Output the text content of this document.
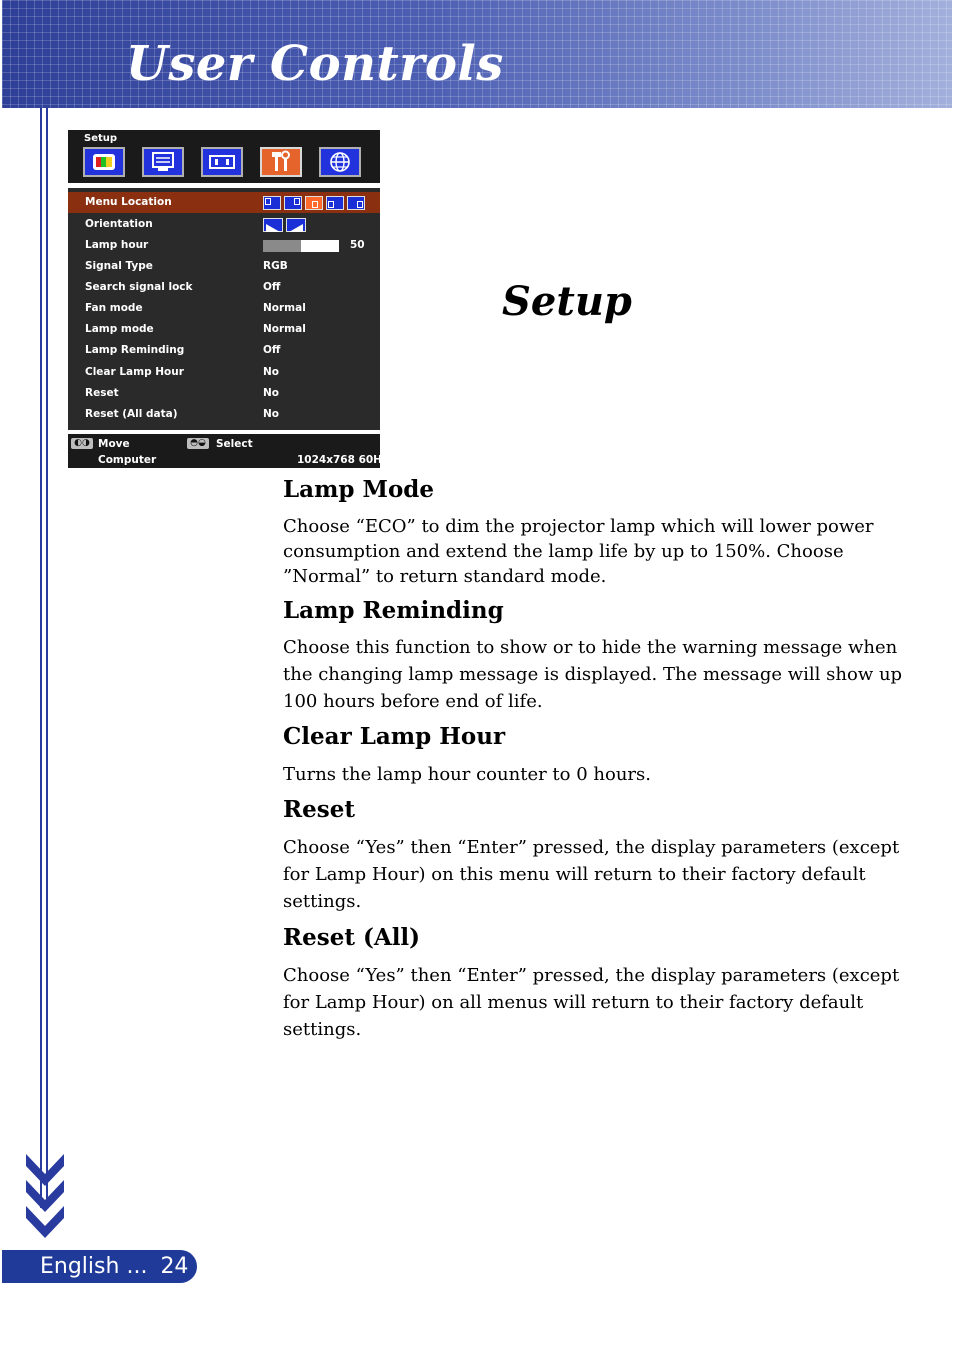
User Controls
Setup
Menu Location
Orientation
Lamp hour	50
Signal Type	RGB
Search signal lock	Off
Fan mode	Normal
Lamp mode	Normal
Lamp Reminding	Off
Clear Lamp Hour	No
Reset	No
Reset (All data)	No
◐◑ Move	◓◒ Select
Computer	1024x768 60Hz
Setup
Lamp Mode

Choose “ECO” to dim the projector lamp which will lower power consumption and extend the lamp life by up to 150%. Choose ”Normal” to return standard mode.

Lamp Reminding

Choose this function to show or to hide the warning message when the changing lamp message is displayed. The message will show up 100 hours before end of life.

Clear Lamp Hour

Turns the lamp hour counter to 0 hours.

Reset

Choose “Yes” then “Enter” pressed, the display parameters (except for Lamp Hour) on this menu will return to their factory default settings.

Reset (All)

Choose “Yes” then “Enter” pressed, the display parameters (except for Lamp Hour) on all menus will return to their factory default settings.

English ... 24
